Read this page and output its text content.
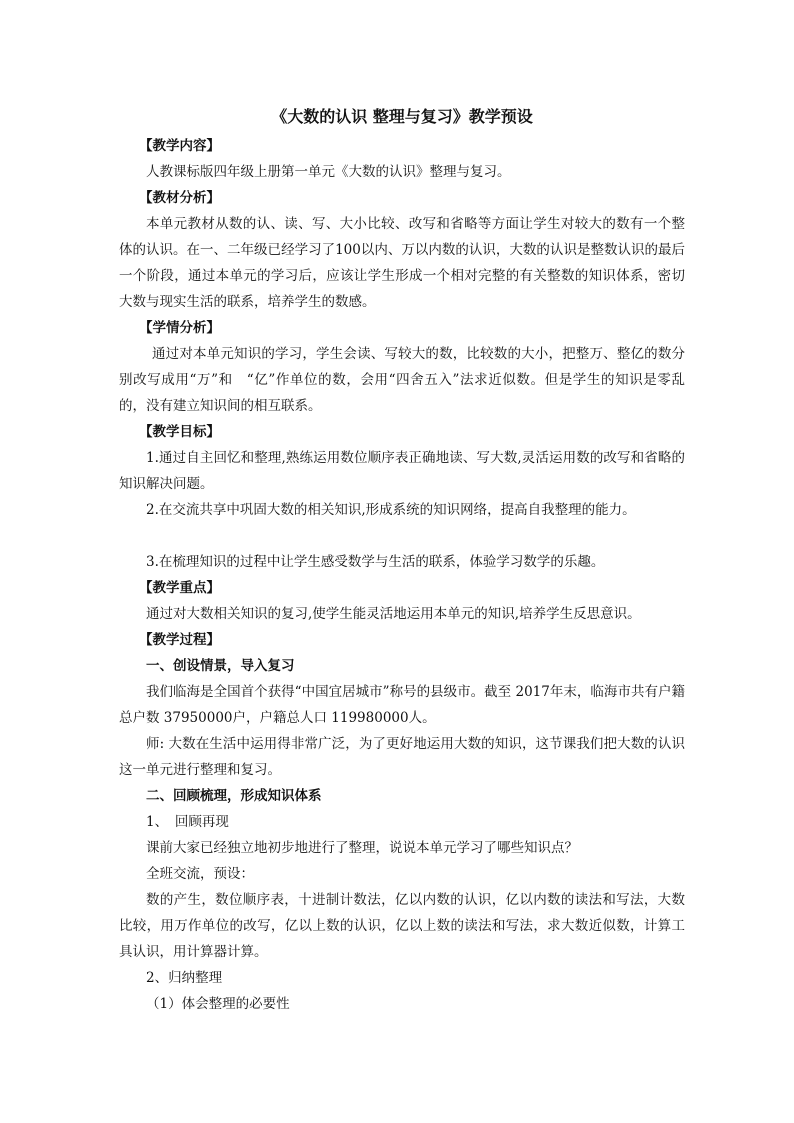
《大数的认识 整理与复习》教学预设
【教学内容】
人教课标版四年级上册第一单元《大数的认识》整理与复习。
【教材分析】
本单元教材从数的认、读、写、大小比较、改写和省略等方面让学生对较大的数有一个整体的认识。在一、二年级已经学习了100以内、万以内数的认识，大数的认识是整数认识的最后一个阶段，通过本单元的学习后，应该让学生形成一个相对完整的有关整数的知识体系，密切大数与现实生活的联系，培养学生的数感。
【学情分析】
通过对本单元知识的学习，学生会读、写较大的数，比较数的大小，把整万、整亿的数分别改写成用“万”和　“亿”作单位的数，会用“四舍五入”法求近似数。但是学生的知识是零乱的，没有建立知识间的相互联系。
【教学目标】
1.通过自主回忆和整理,熟练运用数位顺序表正确地读、写大数,灵活运用数的改写和省略的知识解决问题。
2.在交流共享中巩固大数的相关知识,形成系统的知识网络，提高自我整理的能力。
3.在梳理知识的过程中让学生感受数学与生活的联系，体验学习数学的乐趣。
【教学重点】
通过对大数相关知识的复习,使学生能灵活地运用本单元的知识,培养学生反思意识。
【教学过程】
一、创设情景，导入复习
我们临海是全国首个获得“中国宜居城市”称号的县级市。截至 2017年末，临海市共有户籍总户数 37950000户，户籍总人口 119980000人。
师: 大数在生活中运用得非常广泛，为了更好地运用大数的知识，这节课我们把大数的认识这一单元进行整理和复习。
二、回顾梳理，形成知识体系
1、　回顾再现
课前大家已经独立地初步地进行了整理，说说本单元学习了哪些知识点？
全班交流，预设：
数的产生，数位顺序表，十进制计数法，亿以内数的认识，亿以内数的读法和写法，大数比较，用万作单位的改写，亿以上数的认识，亿以上数的读法和写法，求大数近似数，计算工具认识，用计算器计算。
2、归纳整理
（1）体会整理的必要性
